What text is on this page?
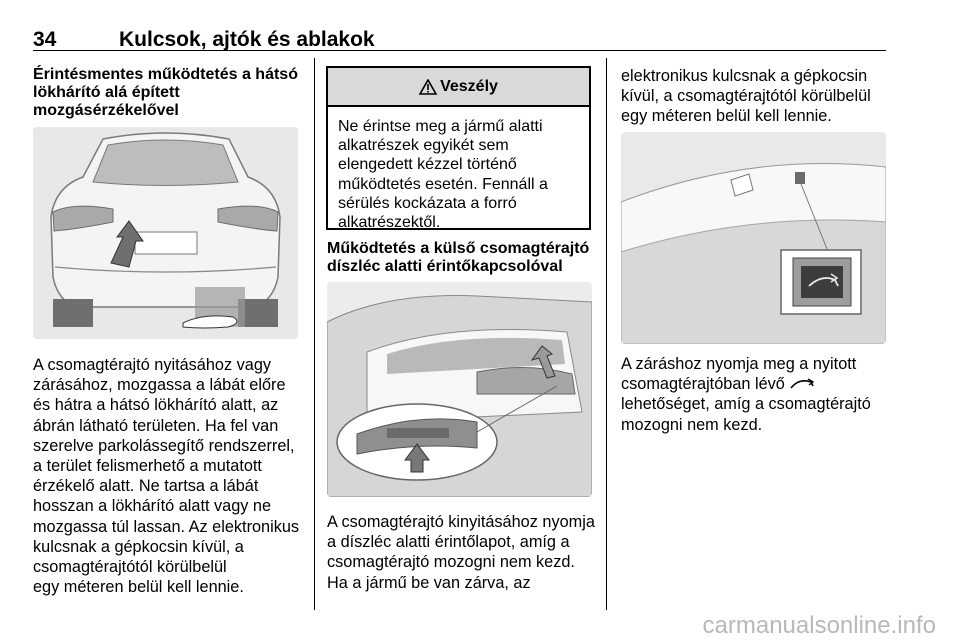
34	Kulcsok, ajtók és ablakok

Érintésmentes működtetés a hátsó
lökhárító alá épített
mozgásérzékelővel

A csomagtérajtó nyitásához vagy
zárásához, mozgassa a lábát előre
és hátra a hátsó lökhárító alatt, az
ábrán látható területen. Ha fel van
szerelve parkolássegítő rendszerrel,
a terület felismerhető a mutatott
érzékelő alatt. Ne tartsa a lábát
hosszan a lökhárító alatt vagy ne
mozgassa túl lassan. Az elektronikus
kulcsnak a gépkocsin kívül, a
csomagtérajtótól körülbelül
egy méteren belül kell lennie.

Veszély
Ne érintse meg a jármű alatti
alkatrészek egyikét sem
elengedett kézzel történő
működtetés esetén. Fennáll a
sérülés kockázata a forró
alkatrészektől.

Működtetés a külső csomagtérajtó
díszléc alatti érintőkapcsolóval

A csomagtérajtó kinyitásához nyomja
a díszléc alatti érintőlapot, amíg a
csomagtérajtó mozogni nem kezd.
Ha a jármű be van zárva, az

elektronikus kulcsnak a gépkocsin
kívül, a csomagtérajtótól körülbelül
egy méteren belül kell lennie.

A záráshoz nyomja meg a nyitott
csomagtérajtóban lévő
lehetőséget, amíg a csomagtérajtó
mozogni nem kezd.

carmanualsonline.info
